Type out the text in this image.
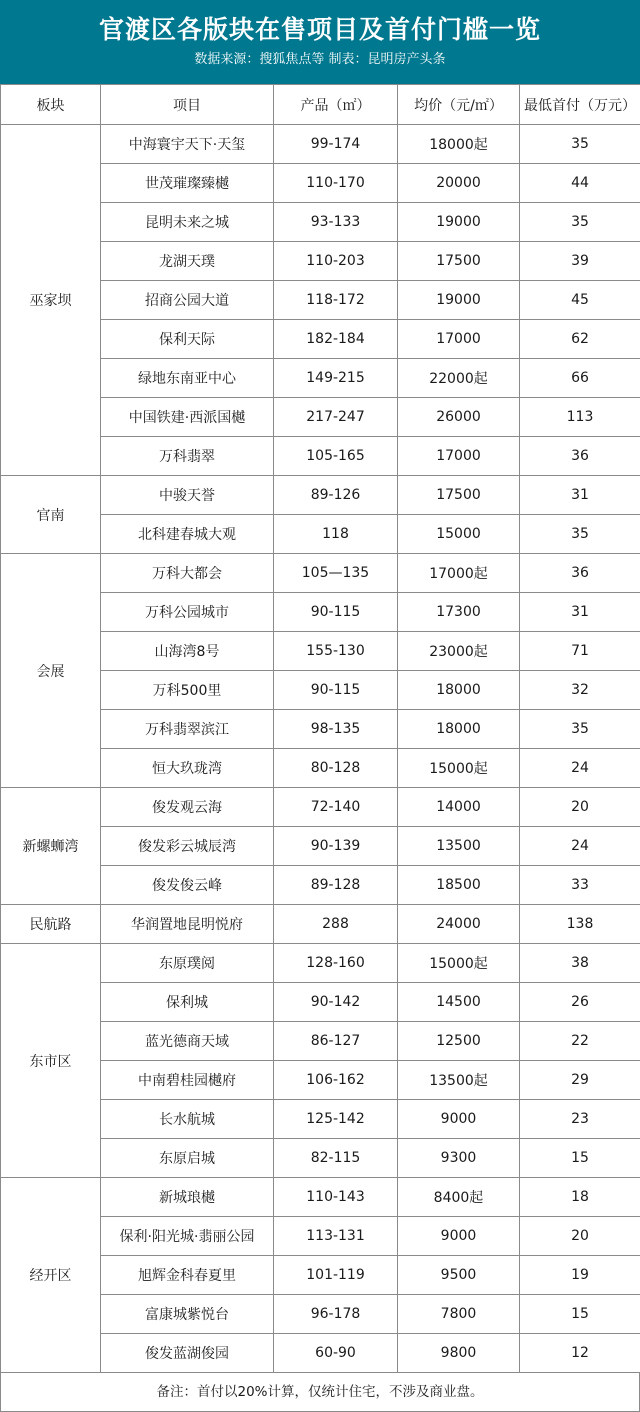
官渡区各版块在售项目及首付门槛一览
数据来源：搜狐焦点等 制表：昆明房产头条
板块	项目	产品（㎡）	均价（元/㎡）	最低首付（万元）
巫家坝	中海寰宇天下·天玺	99-174	18000起	35
	世茂璀璨臻樾	110-170	20000	44
	昆明未来之城	93-133	19000	35
	龙湖天璞	110-203	17500	39
	招商公园大道	118-172	19000	45
	保利天际	182-184	17000	62
	绿地东南亚中心	149-215	22000起	66
	中国铁建·西派国樾	217-247	26000	113
	万科翡翠	105-165	17000	36
官南	中骏天誉	89-126	17500	31
	北科建春城大观	118	15000	35
会展	万科大都会	105—135	17000起	36
	万科公园城市	90-115	17300	31
	山海湾8号	155-130	23000起	71
	万科500里	90-115	18000	32
	万科翡翠滨江	98-135	18000	35
	恒大玖珑湾	80-128	15000起	24
新螺蛳湾	俊发观云海	72-140	14000	20
	俊发彩云城辰湾	90-139	13500	24
	俊发俊云峰	89-128	18500	33
民航路	华润置地昆明悦府	288	24000	138
东市区	东原璞阅	128-160	15000起	38
	保利城	90-142	14500	26
	蓝光德商天域	86-127	12500	22
	中南碧桂园樾府	106-162	13500起	29
	长水航城	125-142	9000	23
	东原启城	82-115	9300	15
经开区	新城琅樾	110-143	8400起	18
	保利·阳光城·翡丽公园	113-131	9000	20
	旭辉金科春夏里	101-119	9500	19
	富康城紫悦台	96-178	7800	15
	俊发蓝湖俊园	60-90	9800	12
备注：首付以20%计算，仅统计住宅，不涉及商业盘。
